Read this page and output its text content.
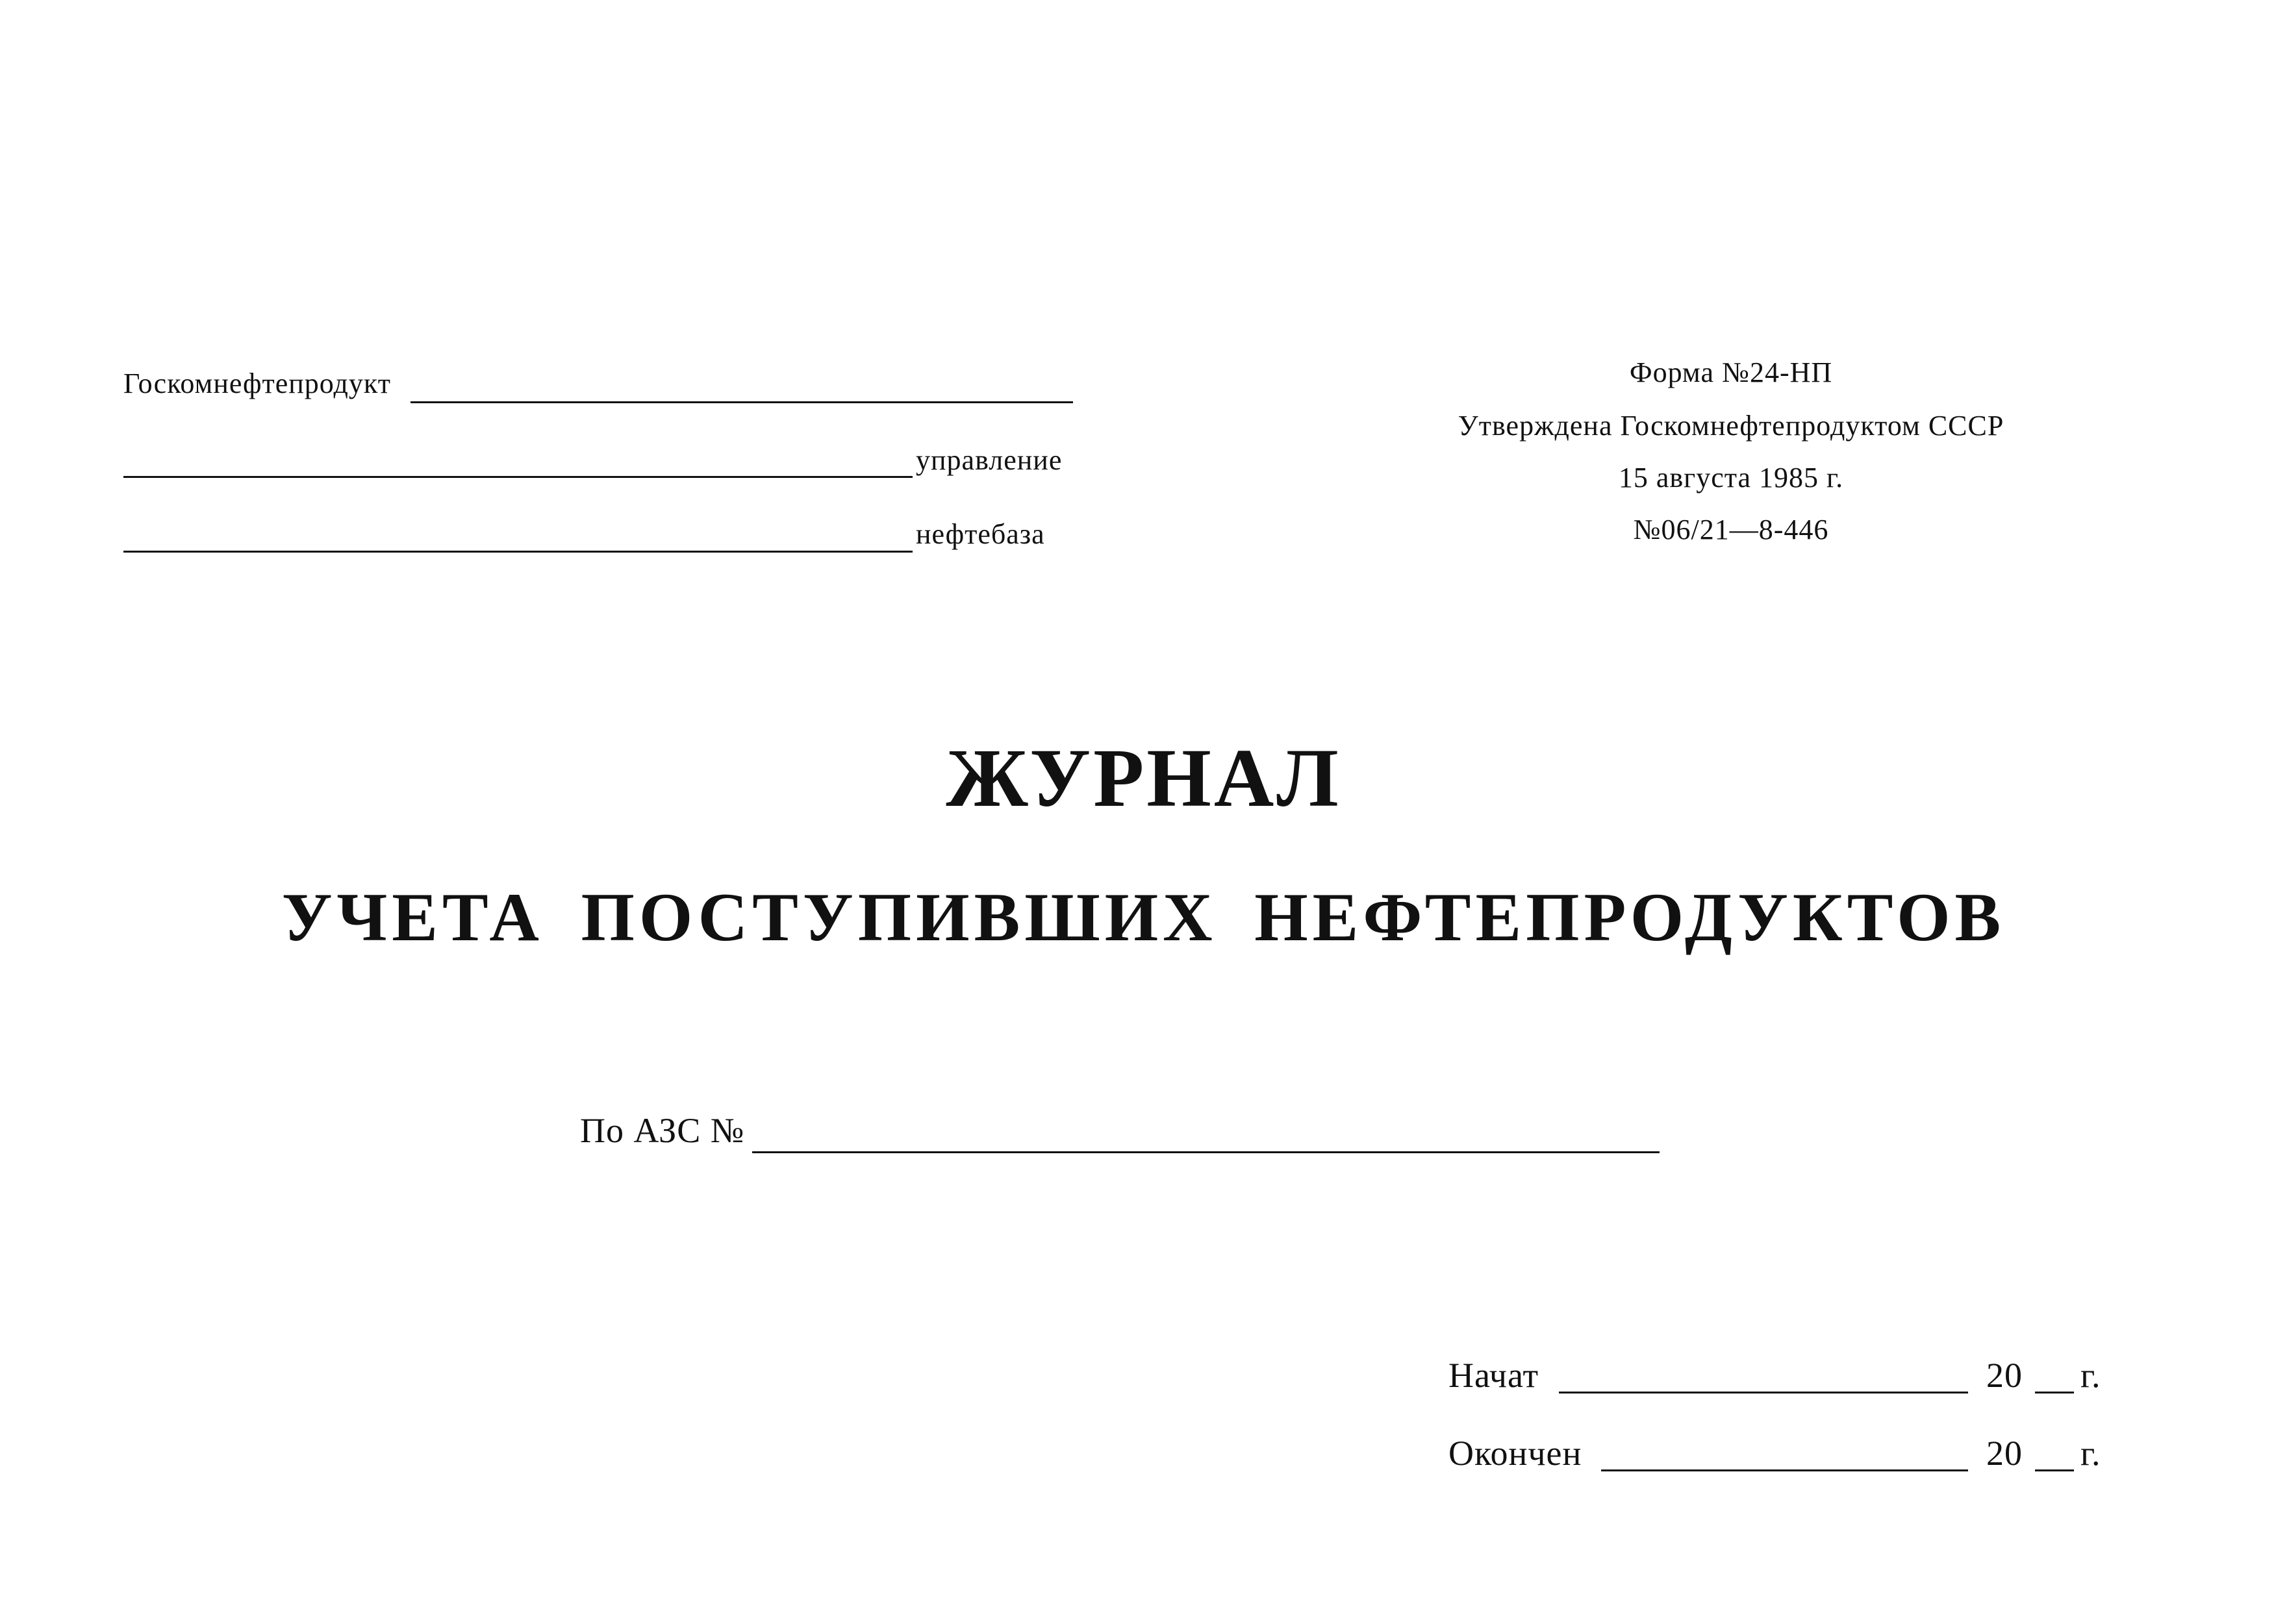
Госкомнефтепродукт
управление
нефтебаза
Форма №24-НП
Утверждена Госкомнефтепродуктом СССР
15 августа 1985 г.
№06/21—8-446
ЖУРНАЛ
УЧЕТА ПОСТУПИВШИХ НЕФТЕПРОДУКТОВ
По АЗС №
Начат	20 г.
Окончен	20 г.
